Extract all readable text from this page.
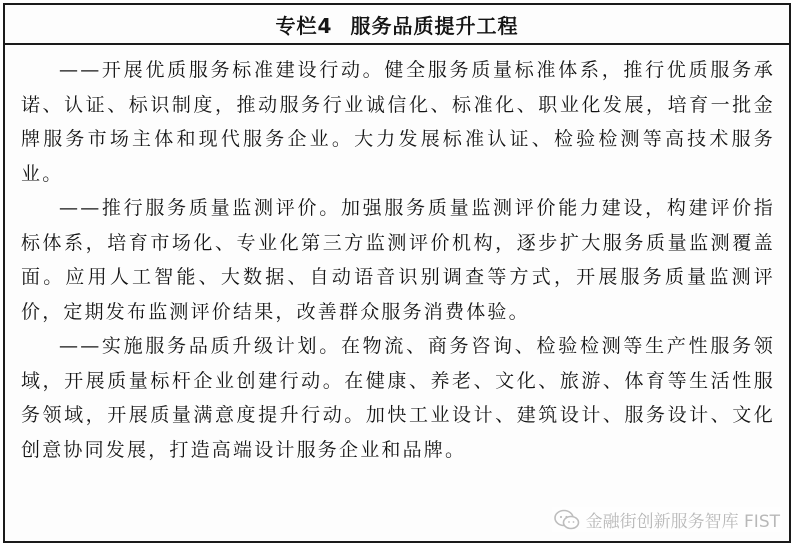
专栏4 服务品质提升工程

——开展优质服务标准建设行动。健全服务质量标准体系，推行优质服务承诺、认证、标识制度，推动服务行业诚信化、标准化、职业化发展，培育一批金牌服务市场主体和现代服务企业。大力发展标准认证、检验检测等高技术服务业。

——推行服务质量监测评价。加强服务质量监测评价能力建设，构建评价指标体系，培育市场化、专业化第三方监测评价机构，逐步扩大服务质量监测覆盖面。应用人工智能、大数据、自动语音识别调查等方式，开展服务质量监测评价，定期发布监测评价结果，改善群众服务消费体验。

——实施服务品质升级计划。在物流、商务咨询、检验检测等生产性服务领域，开展质量标杆企业创建行动。在健康、养老、文化、旅游、体育等生活性服务领域，开展质量满意度提升行动。加快工业设计、建筑设计、服务设计、文化创意协同发展，打造高端设计服务企业和品牌。

金融街创新服务智库 FIST
